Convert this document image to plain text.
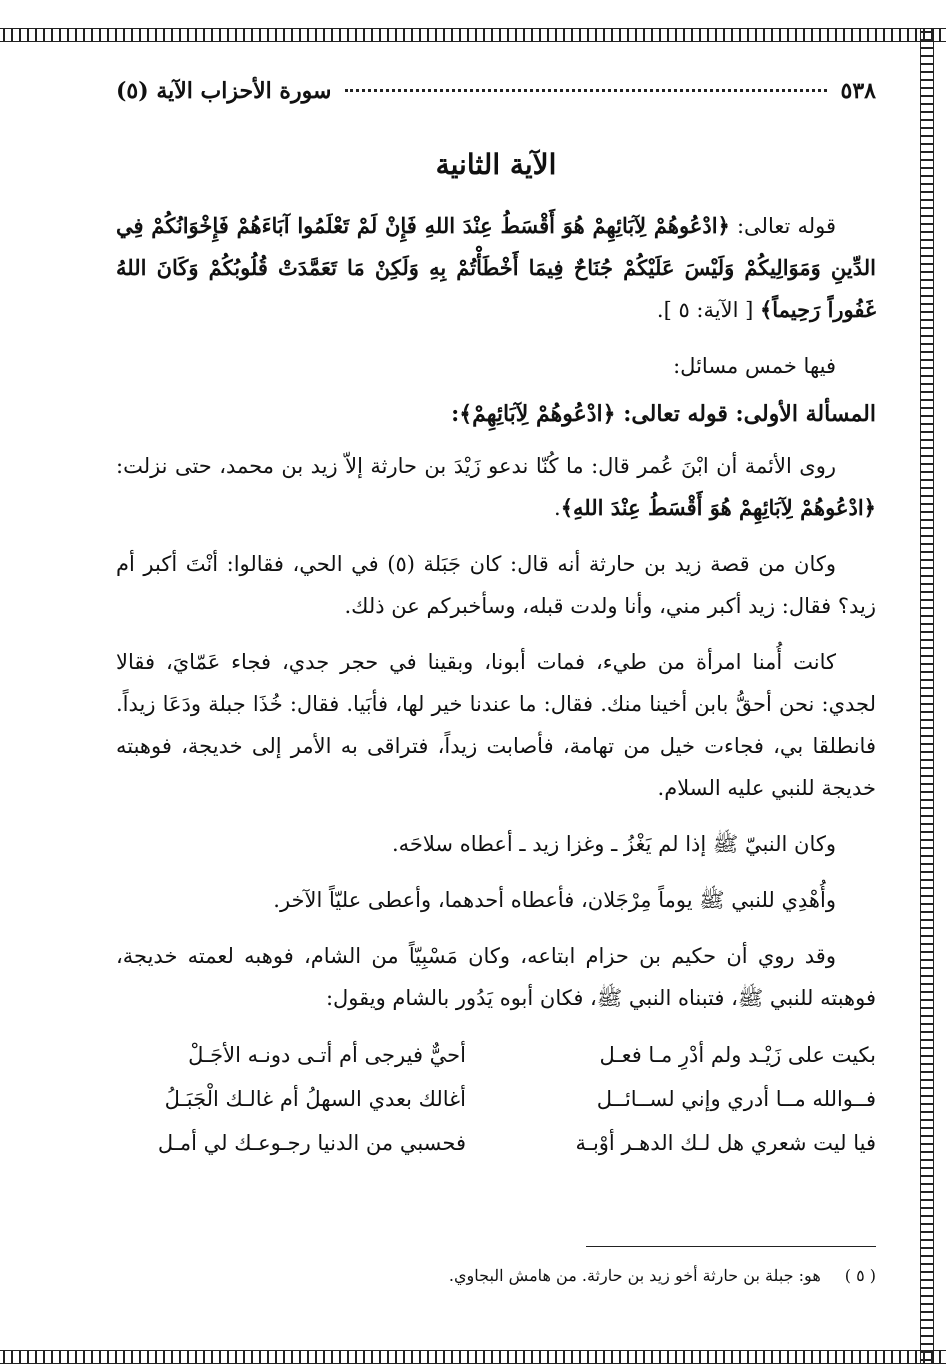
٥٣٨
سورة الأحزاب الآية (٥)
الآية الثانية

قوله تعالى: ﴿ادْعُوهُمْ لِآبَائِهِمْ هُوَ أَقْسَطُ عِنْدَ اللهِ فَإِنْ لَمْ تَعْلَمُوا آبَاءَهُمْ فَإِخْوَانُكُمْ فِي الدِّينِ وَمَوَالِيكُمْ وَلَيْسَ عَلَيْكُمْ جُنَاحٌ فِيمَا أَخْطَأْتُمْ بِهِ وَلَكِنْ مَا تَعَمَّدَتْ قُلُوبُكُمْ وَكَانَ اللهُ غَفُوراً رَحِيماً﴾ [ الآية: ٥ ].

فيها خمس مسائل:

المسألة الأولى: قوله تعالى: ﴿ادْعُوهُمْ لِآبَائِهِمْ﴾:

روى الأئمة أن ابْنَ عُمر قال: ما كُنّا ندعو زَيْدَ بن حارثة إلاّ زيد بن محمد، حتى نزلت: ﴿ادْعُوهُمْ لِآبَائِهِمْ هُوَ أَقْسَطُ عِنْدَ اللهِ﴾.

وكان من قصة زيد بن حارثة أنه قال: كان جَبَلة (٥) في الحي، فقالوا: أنْتَ أكبر أم زيد؟ فقال: زيد أكبر مني، وأنا ولدت قبله، وسأخبركم عن ذلك.

كانت أُمنا امرأة من طيء، فمات أبونا، وبقينا في حجر جدي، فجاء عَمّايَ، فقالا لجدي: نحن أحقُّ بابن أخينا منك. فقال: ما عندنا خير لها، فأبَيا. فقال: خُذَا جبلة ودَعَا زيداً. فانطلقا بي، فجاءت خيل من تهامة، فأصابت زيداً، فتراقى به الأمر إلى خديجة، فوهبته خديجة للنبي عليه السلام.

وكان النبيّ ﷺ إذا لم يَغْزُ ـ وغزا زيد ـ أعطاه سلاحَه.

وأُهْدِي للنبي ﷺ يوماً مِرْجَلان، فأعطاه أحدهما، وأعطى عليّاً الآخر.

وقد روي أن حكيم بن حزام ابتاعه، وكان مَسْبِيّاً من الشام، فوهبه لعمته خديجة، فوهبته للنبي ﷺ، فتبناه النبي ﷺ، فكان أبوه يَدُور بالشام ويقول:

بكيت على زَيْـد ولم أدْرِ مـا فعـل
أحيٌّ فيرجى أم أتـى دونـه الأجَـلْ
فــوالله مــا أدري وإني لســائــل
أغالك بعدي السهلُ أم غالـك الْجَبَـلُ
فيا ليت شعري هل لـك الدهـر أوْبـة
فحسبي من الدنيا رجـوعـك لي أمـل
( ٥ )
هو: جبلة بن حارثة أخو زيد بن حارثة. من هامش البجاوي.
